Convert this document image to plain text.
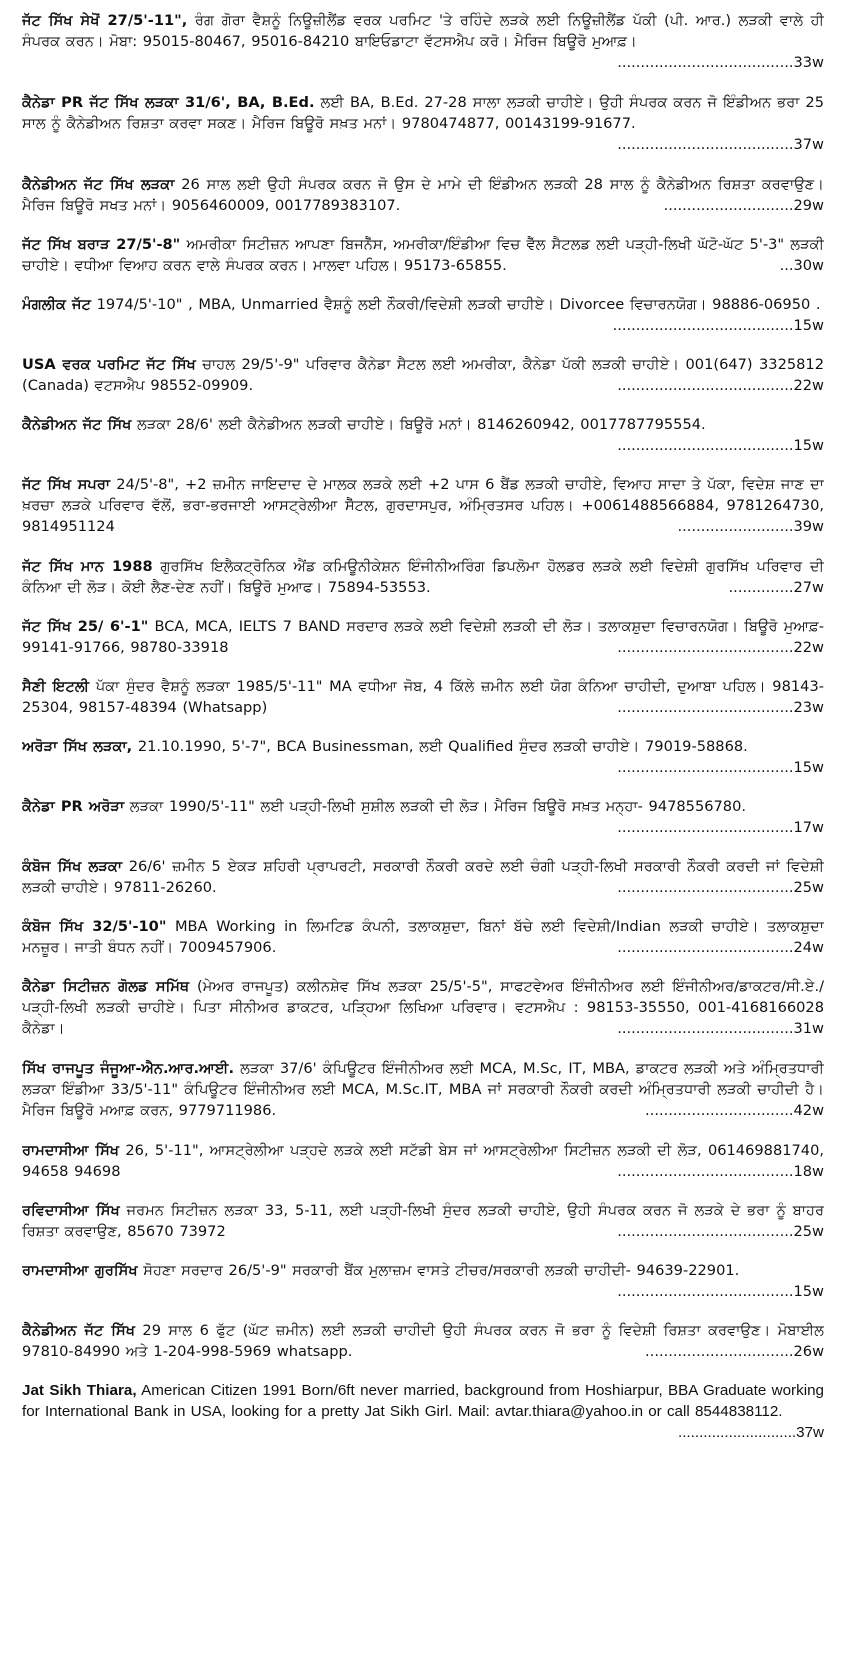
ਜੱਟ ਸਿੱਖ ਸੇਖੋਂ 27/5'-11", ਰੰਗ ਗੋਰਾ ਵੈਸ਼ਨੂੰ ਨਿਊਜ਼ੀਲੈਂਡ ਵਰਕ ਪਰਮਿਟ 'ਤੇ ਰਹਿੰਦੇ ਲੜਕੇ ਲਈ ਨਿਊਜ਼ੀਲੈਂਡ ਪੱਕੀ (ਪੀ. ਆਰ.) ਲੜਕੀ ਵਾਲੇ ਹੀ ਸੰਪਰਕ ਕਰਨ। ਮੋਬਾ: 95015-80467, 95016-84210 ਬਾਇਓਡਾਟਾ ਵੱਟਸਐਪ ਕਰੋ। ਮੈਰਿਜ ਬਿਊਰੋ ਮੁਆਫ਼।
......................................33w

ਕੈਨੇਡਾ PR ਜੱਟ ਸਿੱਖ ਲੜਕਾ 31/6', BA, B.Ed. ਲਈ BA, B.Ed. 27-28 ਸਾਲਾ ਲੜਕੀ ਚਾਹੀਏ। ਉਹੀ ਸੰਪਰਕ ਕਰਨ ਜੋ ਇੰਡੀਅਨ ਭਰਾ 25 ਸਾਲ ਨੂੰ ਕੈਨੇਡੀਅਨ ਰਿਸ਼ਤਾ ਕਰਵਾ ਸਕਣ। ਮੈਰਿਜ ਬਿਊਰੋ ਸਖ਼ਤ ਮਨਾਂ। 9780474877, 00143199-91677.
......................................37w

ਕੈਨੇਡੀਅਨ ਜੱਟ ਸਿੱਖ ਲੜਕਾ 26 ਸਾਲ ਲਈ ਉਹੀ ਸੰਪਰਕ ਕਰਨ ਜੋ ਉਸ ਦੇ ਮਾਮੇ ਦੀ ਇੰਡੀਅਨ ਲੜਕੀ 28 ਸਾਲ ਨੂੰ ਕੈਨੇਡੀਅਨ ਰਿਸ਼ਤਾ ਕਰਵਾਉਣ। ਮੈਰਿਜ ਬਿਊਰੋ ਸਖਤ ਮਨਾਂ। 9056460009, 0017789383107.	............................29w

ਜੱਟ ਸਿੱਖ ਬਰਾੜ 27/5'-8" ਅਮਰੀਕਾ ਸਿਟੀਜ਼ਨ ਆਪਣਾ ਬਿਜਨੈੱਸ, ਅਮਰੀਕਾ/ਇੰਡੀਆ ਵਿਚ ਵੈੱਲ ਸੈਟਲਡ ਲਈ ਪੜ੍ਹੀ-ਲਿਖੀ ਘੱਟੋ-ਘੱਟ 5'-3" ਲੜਕੀ ਚਾਹੀਏ। ਵਧੀਆ ਵਿਆਹ ਕਰਨ ਵਾਲੇ ਸੰਪਰਕ ਕਰਨ। ਮਾਲਵਾ ਪਹਿਲ। 95173-65855.	...30w

ਮੰਗਲੀਕ ਜੱਟ 1974/5'-10" , MBA, Unmarried ਵੈਸ਼ਨੂੰ ਲਈ ਨੌਕਰੀ/ਵਿਦੇਸ਼ੀ ਲੜਕੀ ਚਾਹੀਏ। Divorcee ਵਿਚਾਰਨਯੋਗ। 98886-06950 .
.......................................15w

USA ਵਰਕ ਪਰਮਿਟ ਜੱਟ ਸਿੱਖ ਚਾਹਲ 29/5'-9" ਪਰਿਵਾਰ ਕੈਨੇਡਾ ਸੈਟਲ ਲਈ ਅਮਰੀਕਾ, ਕੈਨੇਡਾ ਪੱਕੀ ਲੜਕੀ ਚਾਹੀਏ। 001(647) 3325812 (Canada) ਵਟਸਐਪ 98552-09909.	......................................22w

ਕੈਨੇਡੀਅਨ ਜੱਟ ਸਿੱਖ ਲੜਕਾ 28/6' ਲਈ ਕੈਨੇਡੀਅਨ ਲੜਕੀ ਚਾਹੀਏ। ਬਿਊਰੋ ਮਨਾਂ। 8146260942, 0017787795554.
......................................15w

ਜੱਟ ਸਿੱਖ ਸਪਰਾ 24/5'-8", +2 ਜ਼ਮੀਨ ਜਾਇਦਾਦ ਦੇ ਮਾਲਕ ਲੜਕੇ ਲਈ +2 ਪਾਸ 6 ਬੈਂਡ ਲੜਕੀ ਚਾਹੀਏ, ਵਿਆਹ ਸਾਦਾ ਤੇ ਪੱਕਾ, ਵਿਦੇਸ਼ ਜਾਣ ਦਾ ਖ਼ਰਚਾ ਲੜਕੇ ਪਰਿਵਾਰ ਵੱਲੋਂ, ਭਰਾ-ਭਰਜਾਈ ਆਸਟ੍ਰੇਲੀਆ ਸੈੱਟਲ, ਗੁਰਦਾਸਪੁਰ, ਅੰਮ੍ਰਿਤਸਰ ਪਹਿਲ। +0061488566884, 9781264730, 9814951124	.........................39w

ਜੱਟ ਸਿੱਖ ਮਾਨ 1988 ਗੁਰਸਿੱਖ ਇਲੈਕਟ੍ਰੋਨਿਕ ਐਂਡ ਕਮਿਊਨੀਕੇਸ਼ਨ ਇੰਜੀਨੀਅਰਿੰਗ ਡਿਪਲੋਮਾ ਹੋਲਡਰ ਲੜਕੇ ਲਈ ਵਿਦੇਸ਼ੀ ਗੁਰਸਿੱਖ ਪਰਿਵਾਰ ਦੀ ਕੰਨਿਆ ਦੀ ਲੋੜ। ਕੋਈ ਲੈਣ-ਦੇਣ ਨਹੀਂ। ਬਿਊਰੋ ਮੁਆਫ। 75894-53553.	..............27w

ਜੱਟ ਸਿੱਖ 25/ 6'-1" BCA, MCA, IELTS 7 BAND ਸਰਦਾਰ ਲੜਕੇ ਲਈ ਵਿਦੇਸ਼ੀ ਲੜਕੀ ਦੀ ਲੋੜ। ਤਲਾਕਸ਼ੁਦਾ ਵਿਚਾਰਨਯੋਗ। ਬਿਊਰੋ ਮੁਆਫ਼- 99141-91766, 98780-33918	......................................22w

ਸੈਣੀ ਇਟਲੀ ਪੱਕਾ ਸੁੰਦਰ ਵੈਸ਼ਨੂੰ ਲੜਕਾ 1985/5'-11" MA ਵਧੀਆ ਜੋਬ, 4 ਕਿੱਲੇ ਜ਼ਮੀਨ ਲਈ ਯੋਗ ਕੰਨਿਆ ਚਾਹੀਦੀ, ਦੁਆਬਾ ਪਹਿਲ। 98143-25304, 98157-48394 (Whatsapp)	......................................23w

ਅਰੋੜਾ ਸਿੱਖ ਲੜਕਾ, 21.10.1990, 5'-7", BCA Businessman, ਲਈ Qualified ਸੁੰਦਰ ਲੜਕੀ ਚਾਹੀਏ। 79019-58868.
......................................15w

ਕੈਨੇਡਾ PR ਅਰੋੜਾ ਲੜਕਾ 1990/5'-11" ਲਈ ਪੜ੍ਹੀ-ਲਿਖੀ ਸੁਸ਼ੀਲ ਲੜਕੀ ਦੀ ਲੋੜ। ਮੈਰਿਜ ਬਿਊਰੋ ਸਖ਼ਤ ਮਨ੍ਹਾ- 9478556780.
......................................17w

ਕੰਬੋਜ ਸਿੱਖ ਲੜਕਾ 26/6' ਜ਼ਮੀਨ 5 ਏਕੜ ਸ਼ਹਿਰੀ ਪ੍ਰਾਪਰਟੀ, ਸਰਕਾਰੀ ਨੌਕਰੀ ਕਰਦੇ ਲਈ ਚੰਗੀ ਪੜ੍ਹੀ-ਲਿਖੀ ਸਰਕਾਰੀ ਨੌਕਰੀ ਕਰਦੀ ਜਾਂ ਵਿਦੇਸ਼ੀ ਲੜਕੀ ਚਾਹੀਏ। 97811-26260.	......................................25w

ਕੰਬੋਜ ਸਿੱਖ 32/5'-10" MBA Working in ਲਿਮਟਿਡ ਕੰਪਨੀ, ਤਲਾਕਸ਼ੁਦਾ, ਬਿਨਾਂ ਬੱਚੇ ਲਈ ਵਿਦੇਸ਼ੀ/Indian ਲੜਕੀ ਚਾਹੀਏ। ਤਲਾਕਸ਼ੁਦਾ ਮਨਜ਼ੂਰ। ਜਾਤੀ ਬੰਧਨ ਨਹੀਂ। 7009457906.	......................................24w

ਕੈਨੇਡਾ ਸਿਟੀਜ਼ਨ ਗੋਲਡ ਸਮਿੱਥ (ਮੇਅਰ ਰਾਜਪੂਤ) ਕਲੀਨਸ਼ੇਵ ਸਿੱਖ ਲੜਕਾ 25/5'-5", ਸਾਫਟਵੇਅਰ ਇੰਜੀਨੀਅਰ ਲਈ ਇੰਜੀਨੀਅਰ/ਡਾਕਟਰ/ਸੀ.ਏ./ਪੜ੍ਹੀ-ਲਿਖੀ ਲੜਕੀ ਚਾਹੀਏ। ਪਿਤਾ ਸੀਨੀਅਰ ਡਾਕਟਰ, ਪੜ੍ਹਿਆ ਲਿਖਿਆ ਪਰਿਵਾਰ। ਵਟਸਐਪ : 98153-35550, 001-4168166028 ਕੈਨੇਡਾ।	......................................31w

ਸਿੱਖ ਰਾਜਪੂਤ ਜੰਜੂਆ-ਐਨ.ਆਰ.ਆਈ. ਲੜਕਾ 37/6' ਕੰਪਿਊਟਰ ਇੰਜੀਨੀਅਰ ਲਈ MCA, M.Sc, IT, MBA, ਡਾਕਟਰ ਲੜਕੀ ਅਤੇ ਅੰਮ੍ਰਿਤਧਾਰੀ ਲੜਕਾ ਇੰਡੀਆ 33/5'-11" ਕੰਪਿਊਟਰ ਇੰਜੀਨੀਅਰ ਲਈ MCA, M.Sc.IT, MBA ਜਾਂ ਸਰਕਾਰੀ ਨੌਕਰੀ ਕਰਦੀ ਅੰਮ੍ਰਿਤਧਾਰੀ ਲੜਕੀ ਚਾਹੀਦੀ ਹੈ। ਮੈਰਿਜ ਬਿਊਰੋ ਮਆਫ਼ ਕਰਨ, 9779711986.	................................42w

ਰਾਮਦਾਸੀਆ ਸਿੱਖ 26, 5'-11", ਆਸਟ੍ਰੇਲੀਆ ਪੜ੍ਹਦੇ ਲੜਕੇ ਲਈ ਸਟੱਡੀ ਬੇਸ ਜਾਂ ਆਸਟ੍ਰੇਲੀਆ ਸਿਟੀਜ਼ਨ ਲੜਕੀ ਦੀ ਲੋੜ, 061469881740, 94658 94698	......................................18w

ਰਵਿਦਾਸੀਆ ਸਿੱਖ ਜਰਮਨ ਸਿਟੀਜ਼ਨ ਲੜਕਾ 33, 5-11, ਲਈ ਪੜ੍ਹੀ-ਲਿਖੀ ਸੁੰਦਰ ਲੜਕੀ ਚਾਹੀਏ, ਉਹੀ ਸੰਪਰਕ ਕਰਨ ਜੋ ਲੜਕੇ ਦੇ ਭਰਾ ਨੂੰ ਬਾਹਰ ਰਿਸ਼ਤਾ ਕਰਵਾਉਣ, 85670 73972	......................................25w

ਰਾਮਦਾਸੀਆ ਗੁਰਸਿੱਖ ਸੋਹਣਾ ਸਰਦਾਰ 26/5'-9" ਸਰਕਾਰੀ ਬੈਂਕ ਮੁਲਾਜ਼ਮ ਵਾਸਤੇ ਟੀਚਰ/ਸਰਕਾਰੀ ਲੜਕੀ ਚਾਹੀਦੀ- 94639-22901.
......................................15w

ਕੈਨੇਡੀਅਨ ਜੱਟ ਸਿੱਖ 29 ਸਾਲ 6 ਫੁੱਟ (ਘੱਟ ਜ਼ਮੀਨ) ਲਈ ਲੜਕੀ ਚਾਹੀਦੀ ਉਹੀ ਸੰਪਰਕ ਕਰਨ ਜੋ ਭਰਾ ਨੂੰ ਵਿਦੇਸ਼ੀ ਰਿਸ਼ਤਾ ਕਰਵਾਉਣ। ਮੋਬਾਈਲ 97810-84990 ਅਤੇ 1-204-998-5969 whatsapp.	................................26w

Jat Sikh Thiara, American Citizen 1991 Born/6ft never married, background from Hoshiarpur, BBA Graduate working for International Bank in USA, looking for a pretty Jat Sikh Girl. Mail: avtar.thiara@yahoo.in or call 8544838112.
............................37w
